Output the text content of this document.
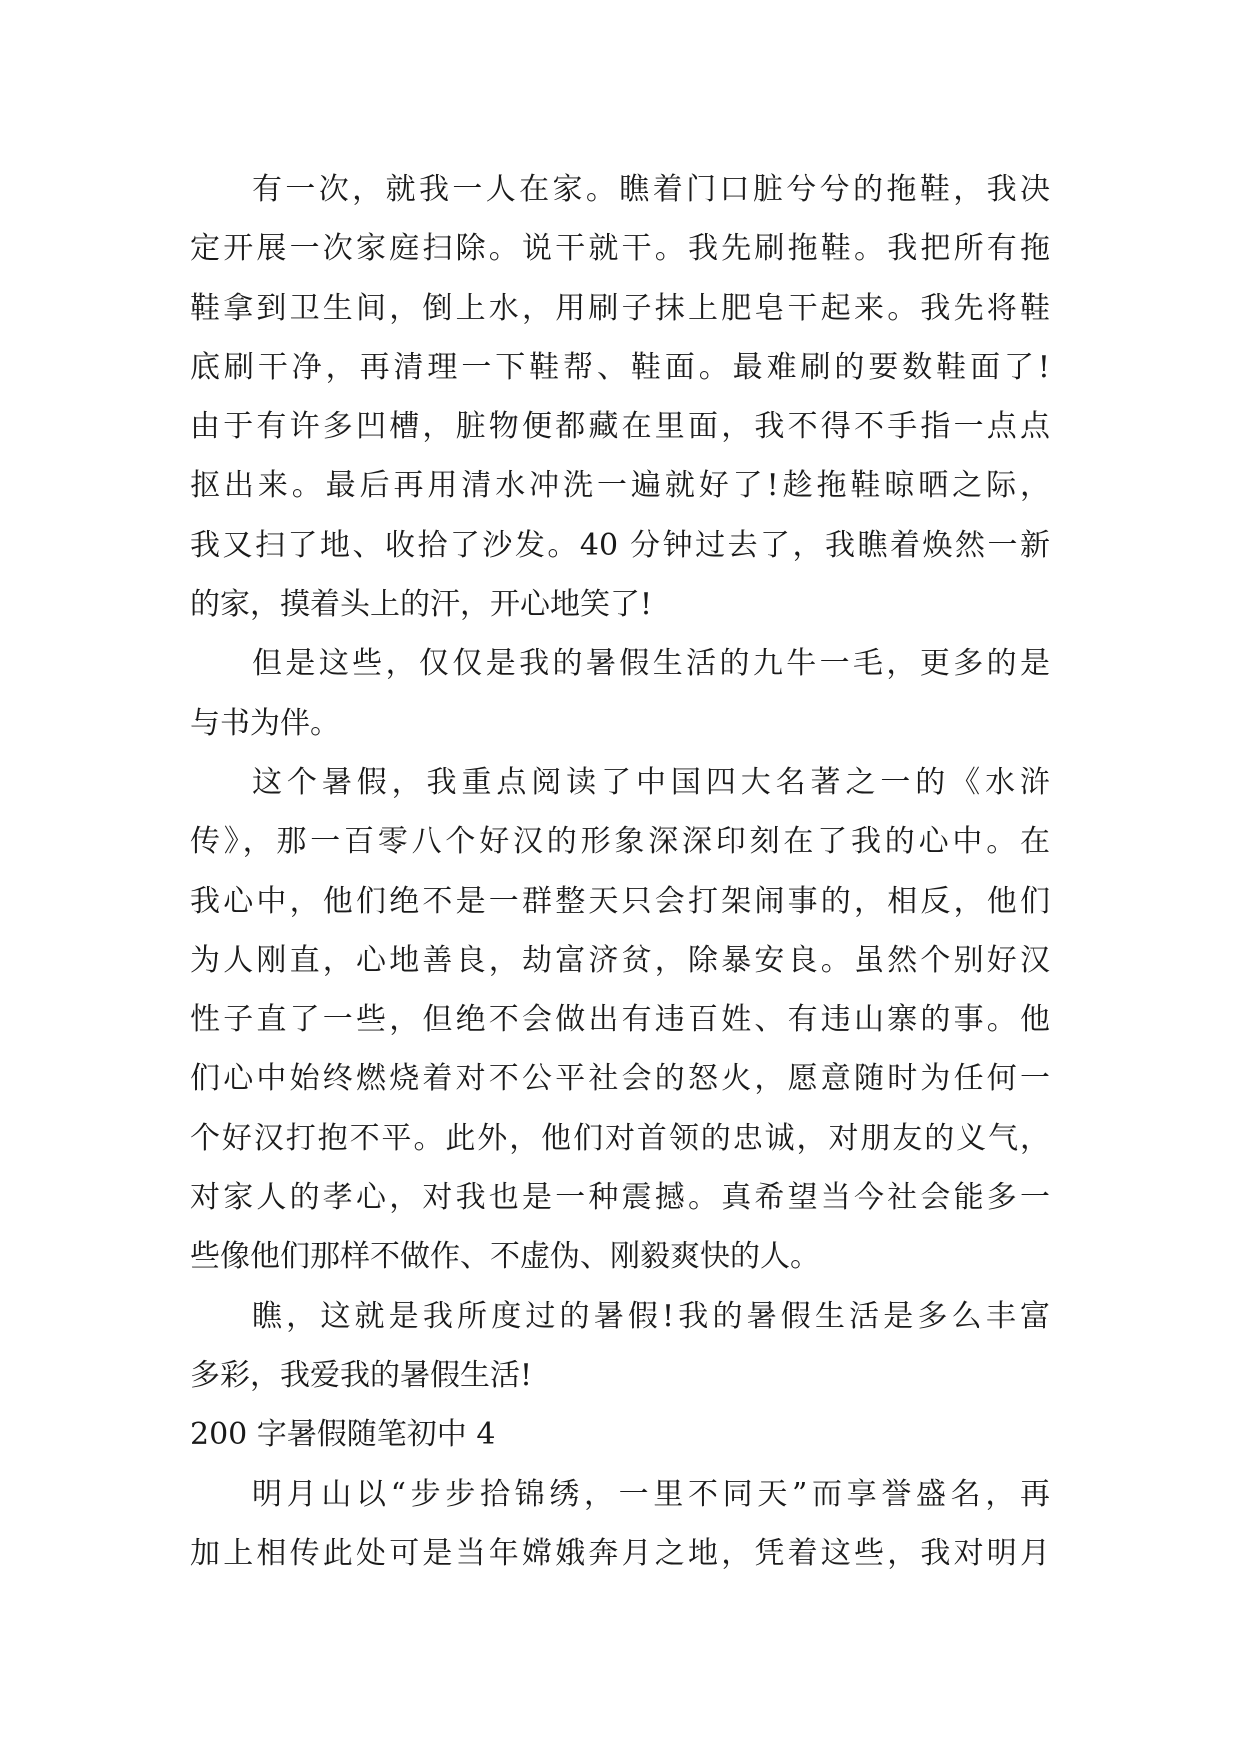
有一次，就我一人在家。瞧着门口脏兮兮的拖鞋，我决
定开展一次家庭扫除。说干就干。我先刷拖鞋。我把所有拖
鞋拿到卫生间，倒上水，用刷子抹上肥皂干起来。我先将鞋
底刷干净，再清理一下鞋帮、鞋面。最难刷的要数鞋面了!
由于有许多凹槽，脏物便都藏在里面，我不得不手指一点点
抠出来。最后再用清水冲洗一遍就好了!趁拖鞋晾晒之际，
我又扫了地、收拾了沙发。40 分钟过去了，我瞧着焕然一新
的家，摸着头上的汗，开心地笑了!
但是这些，仅仅是我的暑假生活的九牛一毛，更多的是
与书为伴。
这个暑假，我重点阅读了中国四大名著之一的《水浒
传》，那一百零八个好汉的形象深深印刻在了我的心中。在
我心中，他们绝不是一群整天只会打架闹事的，相反，他们
为人刚直，心地善良，劫富济贫，除暴安良。虽然个别好汉
性子直了一些，但绝不会做出有违百姓、有违山寨的事。他
们心中始终燃烧着对不公平社会的怒火，愿意随时为任何一
个好汉打抱不平。此外，他们对首领的忠诚，对朋友的义气，
对家人的孝心，对我也是一种震撼。真希望当今社会能多一
些像他们那样不做作、不虚伪、刚毅爽快的人。
瞧，这就是我所度过的暑假!我的暑假生活是多么丰富
多彩，我爱我的暑假生活!
200 字暑假随笔初中 4
明月山以“步步拾锦绣，一里不同天”而享誉盛名，再
加上相传此处可是当年嫦娥奔月之地，凭着这些，我对明月
